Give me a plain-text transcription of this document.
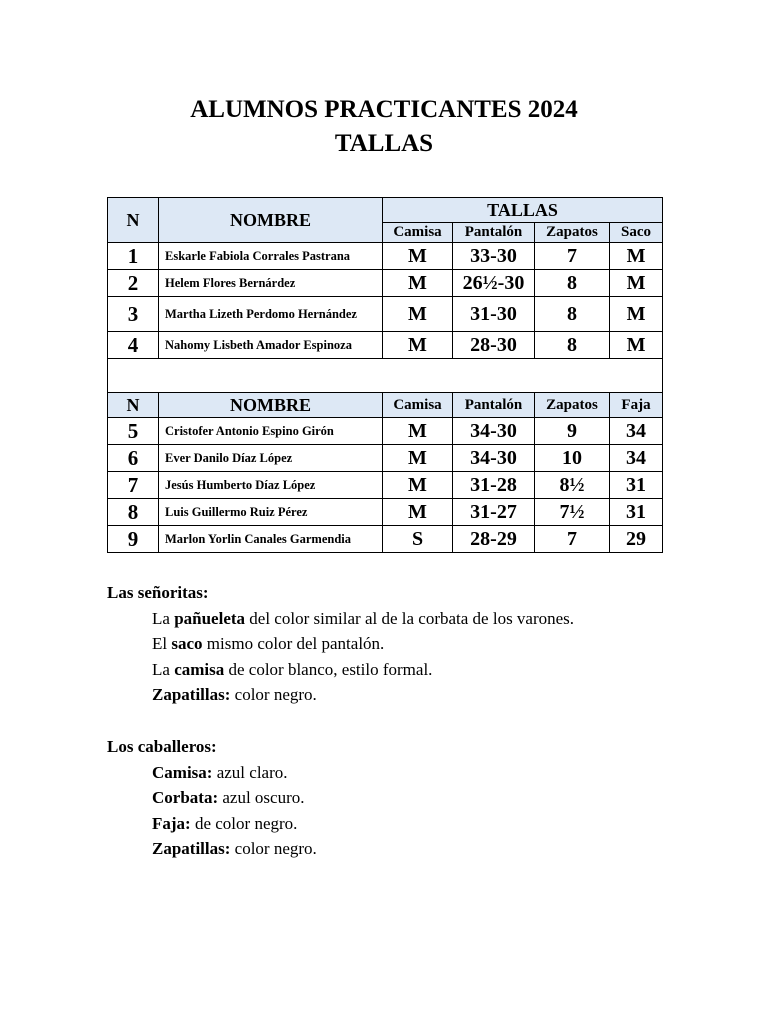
ALUMNOS PRACTICANTES 2024
TALLAS
N	NOMBRE	TALLAS			
		Camisa	Pantalón	Zapatos	Saco
1	Eskarle Fabiola Corrales Pastrana	M	33-30	7	M
2	Helem Flores Bernárdez	M	26½-30	8	M
3	Martha Lizeth Perdomo Hernández	M	31-30	8	M
4	Nahomy Lisbeth Amador Espinoza	M	28-30	8	M

N	NOMBRE	Camisa	Pantalón	Zapatos	Faja
5	Cristofer Antonio Espino Girón	M	34-30	9	34
6	Ever Danilo Díaz López	M	34-30	10	34
7	Jesús Humberto Díaz López	M	31-28	8½	31
8	Luis Guillermo Ruiz Pérez	M	31-27	7½	31
9	Marlon Yorlin Canales Garmendia	S	28-29	7	29
Las señoritas:
La pañueleta del color similar al de la corbata de los varones.
El saco mismo color del pantalón.
La camisa de color blanco, estilo formal.
Zapatillas: color negro.
Los caballeros:
Camisa: azul claro.
Corbata: azul oscuro.
Faja: de color negro.
Zapatillas: color negro.
